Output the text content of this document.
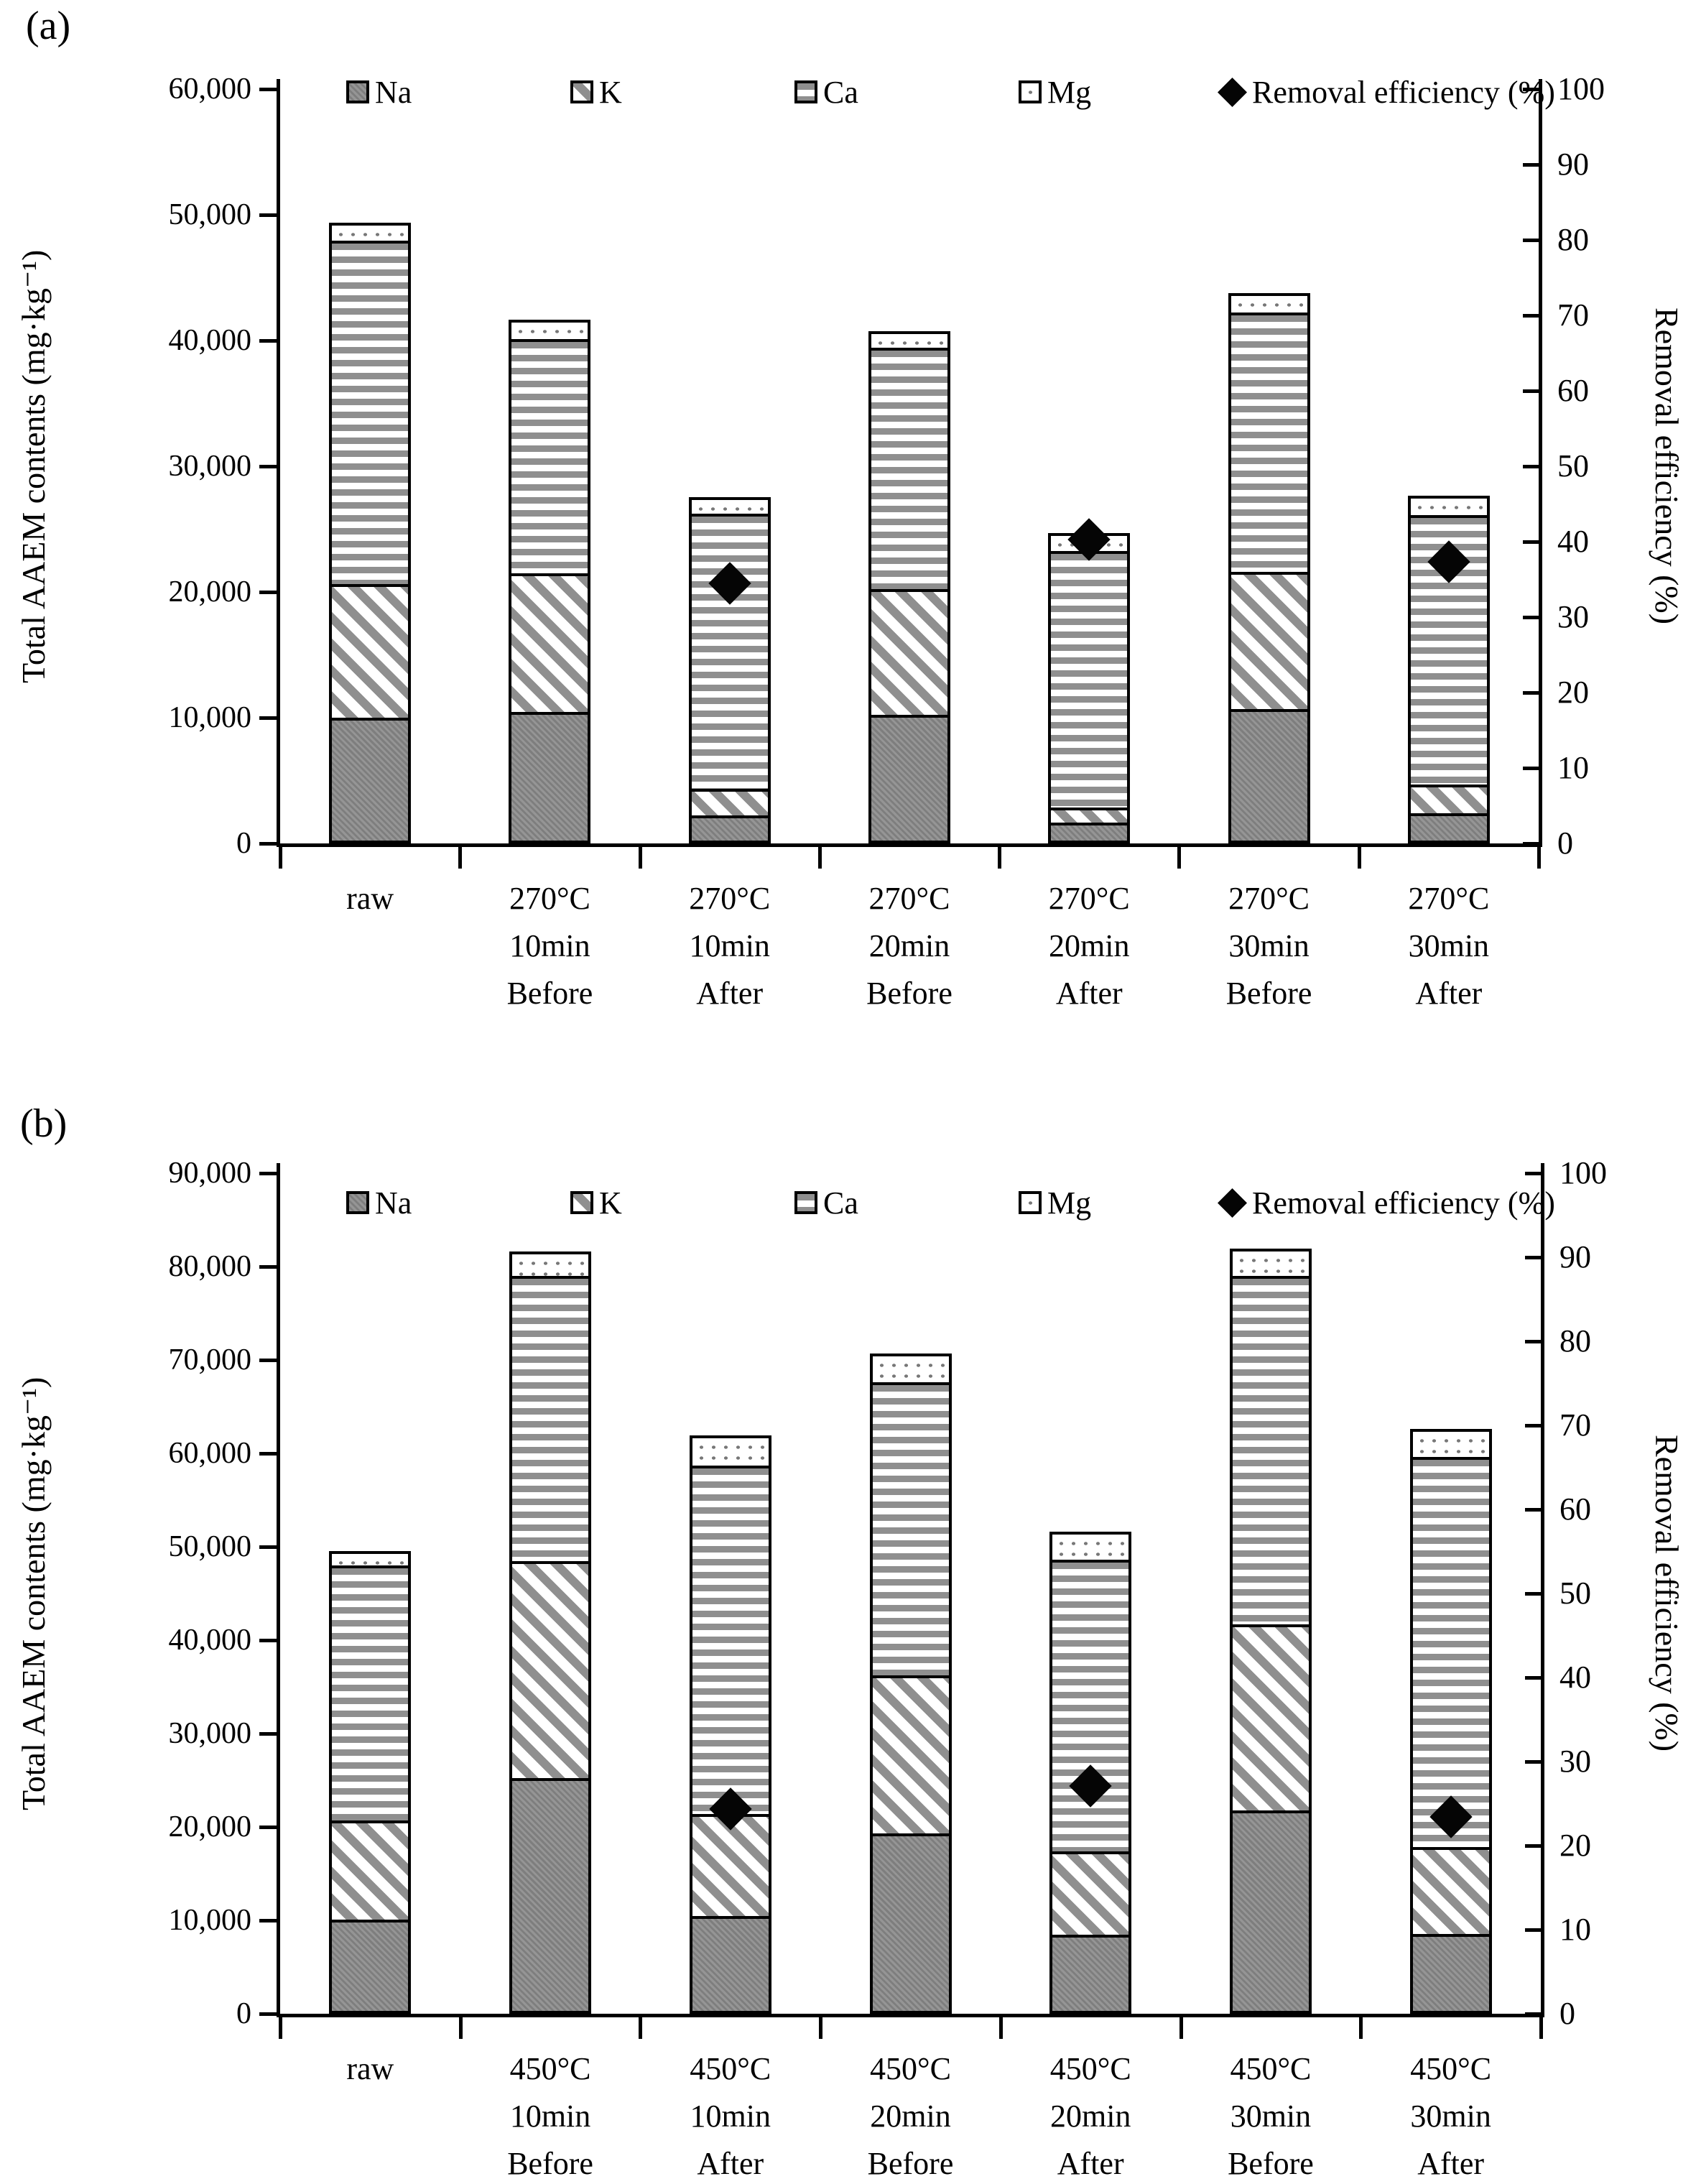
(a)
(b)
Total AAEM contents (mg·kg⁻¹)	Removal efficiency (%)
Total AAEM contents (mg·kg⁻¹)	Removal efficiency (%)
0
10,000
20,000
30,000
40,000
50,000
60,000
0
10
20
30
40
50
60
70
80
90
100
raw	270°C
10min
Before
270°C
10min
After
270°C
20min
Before
270°C
20min
After
270°C
30min
Before
270°C
30min
After
Na	K	Ca	Mg	Removal efficiency (%)
0
10,000
20,000
30,000
40,000
50,000
60,000
70,000
80,000
90,000
0
10
20
30
40
50
60
70
80
90
100
raw	450°C
10min
Before
450°C
10min
After
450°C
20min
Before
450°C
20min
After
450°C
30min
Before
450°C
30min
After
Na	K	Ca	Mg	Removal efficiency (%)
